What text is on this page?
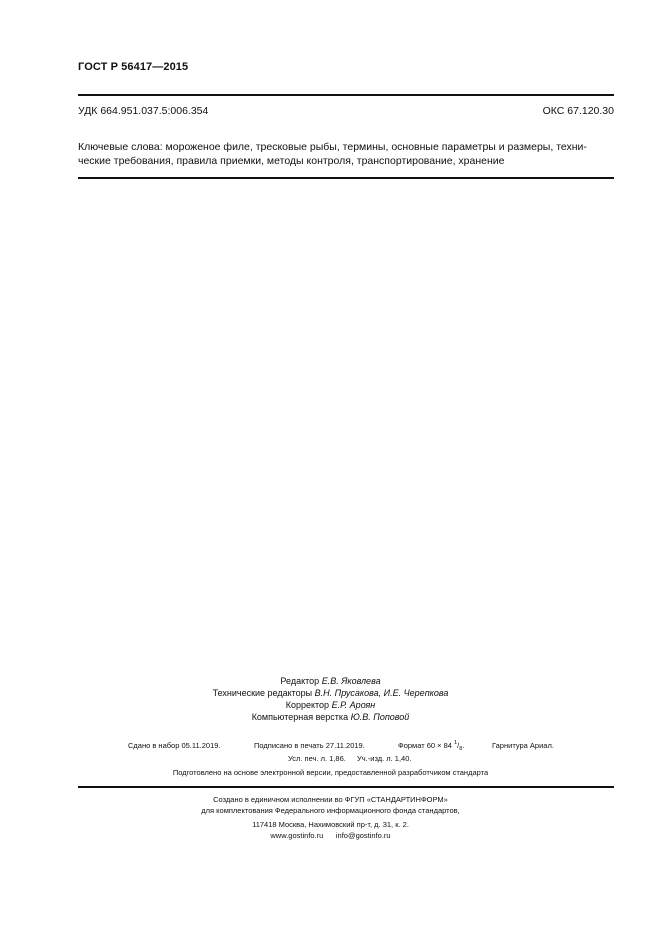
ГОСТ Р 56417—2015
УДК 664.951.037.5:006.354	ОКС 67.120.30
Ключевые слова: мороженое филе, тресковые рыбы, термины, основные параметры и размеры, технические требования, правила приемки, методы контроля, транспортирование, хранение
Редактор Е.В. Яковлева
Технические редакторы В.Н. Прусакова, И.Е. Черепкова
Корректор Е.Р. Ароян
Компьютерная верстка Ю.В. Поповой
Сдано в набор 05.11.2019.	Подписано в печать 27.11.2019.	Формат 60 × 84 $^1/_8$.	Гарнитура Ариал.
Усл. печ. л. 1,86. Уч.-изд. л. 1,40.
Подготовлено на основе электронной версии, предоставленной разработчиком стандарта
Создано в единичном исполнении во ФГУП «СТАНДАРТИНФОРМ»
для комплектования Федерального информационного фонда стандартов,
117418 Москва, Нахимовский пр-т, д. 31, к. 2.
www.gostinfo.ru info@gostinfo.ru
